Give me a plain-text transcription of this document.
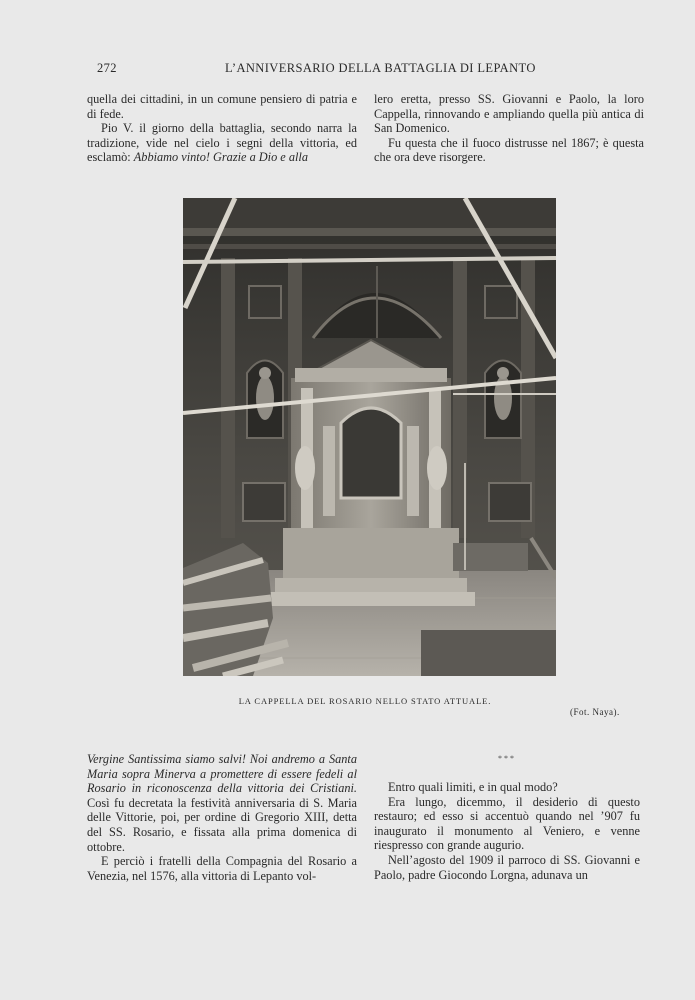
272	L’ANNIVERSARIO DELLA BATTAGLIA DI LEPANTO

quella dei cittadini, in un comune pensiero di patria e di fede.

Pio V. il giorno della battaglia, secondo narra la tradizione, vide nel cielo i segni della vittoria, ed esclamò: Abbiamo vinto! Grazie a Dio e alla

lero eretta, presso SS. Giovanni e Paolo, la loro Cappella, rinnovando e ampliando quella più antica di San Domenico.

Fu questa che il fuoco distrusse nel 1867; è questa che ora deve risorgere.

LA CAPPELLA DEL ROSARIO NELLO STATO ATTUALE.
(Fot. Naya).

Vergine Santissima siamo salvi! Noi andremo a Santa Maria sopra Minerva a promettere di essere fedeli al Rosario in riconoscenza della vittoria dei Cristiani. Così fu decretata la festività anniversaria di S. Maria delle Vittorie, poi, per ordine di Gregorio XIII, detta del SS. Rosario, e fissata alla prima domenica di ottobre.

E perciò i fratelli della Compagnia del Rosario a Venezia, nel 1576, alla vittoria di Lepanto vol-

* * *

Entro quali limiti, e in qual modo?

Era lungo, dicemmo, il desiderio di questo restauro; ed esso si accentuò quando nel ’907 fu inaugurato il monumento al Veniero, e venne riespresso con grande augurio.

Nell’agosto del 1909 il parroco di SS. Giovanni e Paolo, padre Giocondo Lorgna, adunava un
